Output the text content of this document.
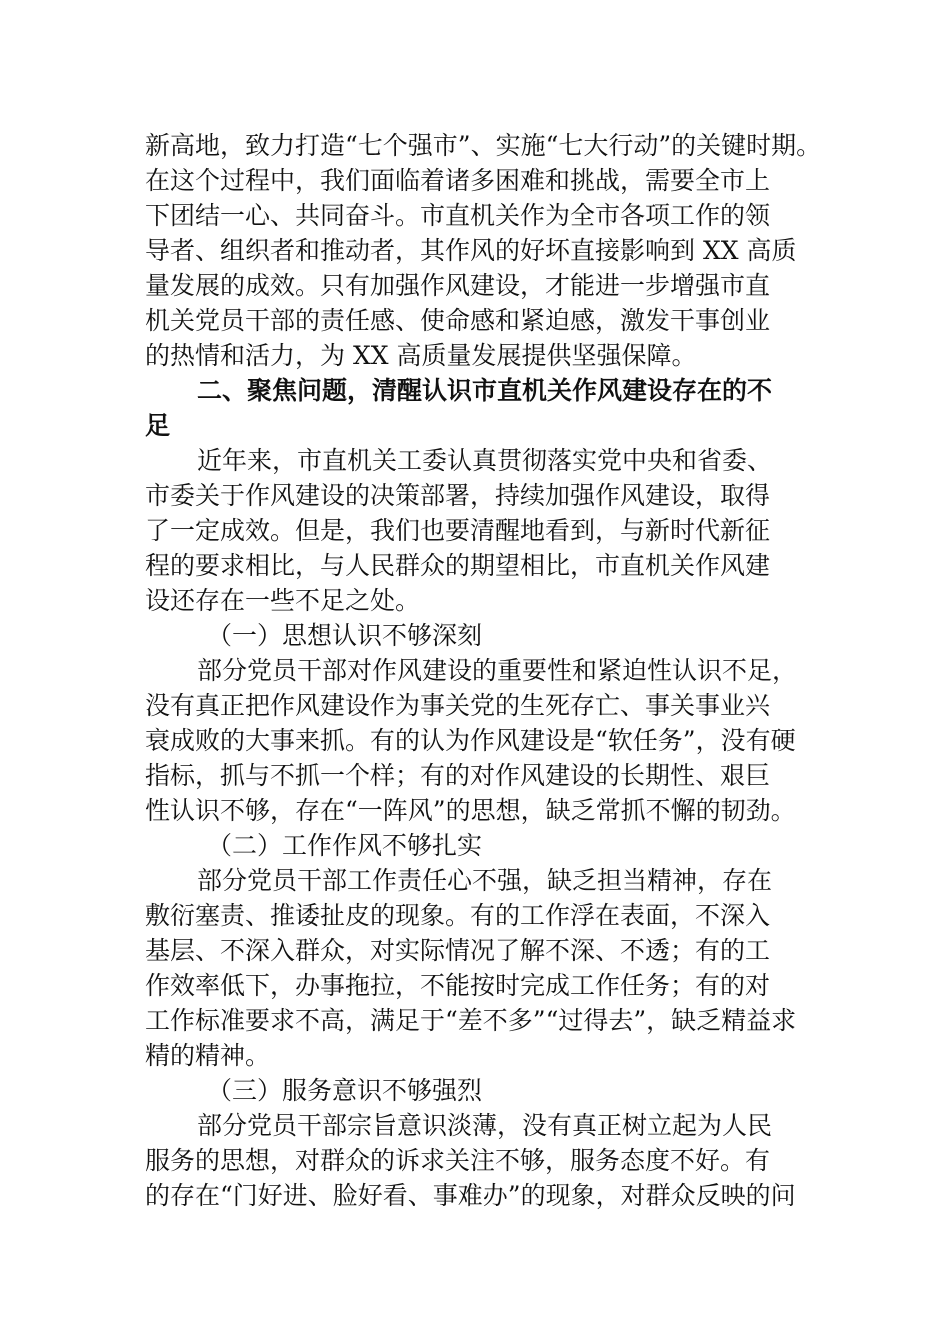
新高地，致力打造“七个强市”、实施“七大行动”的关键时期。
在这个过程中，我们面临着诸多困难和挑战，需要全市上
下团结一心、共同奋斗。市直机关作为全市各项工作的领
导者、组织者和推动者，其作风的好坏直接影响到 XX 高质
量发展的成效。只有加强作风建设，才能进一步增强市直
机关党员干部的责任感、使命感和紧迫感，激发干事创业
的热情和活力，为 XX 高质量发展提供坚强保障。
二、聚焦问题，清醒认识市直机关作风建设存在的不
足
近年来，市直机关工委认真贯彻落实党中央和省委、
市委关于作风建设的决策部署，持续加强作风建设，取得
了一定成效。但是，我们也要清醒地看到，与新时代新征
程的要求相比，与人民群众的期望相比，市直机关作风建
设还存在一些不足之处。
（一）思想认识不够深刻
部分党员干部对作风建设的重要性和紧迫性认识不足，
没有真正把作风建设作为事关党的生死存亡、事关事业兴
衰成败的大事来抓。有的认为作风建设是“软任务”，没有硬
指标，抓与不抓一个样；有的对作风建设的长期性、艰巨
性认识不够，存在“一阵风”的思想，缺乏常抓不懈的韧劲。
（二）工作作风不够扎实
部分党员干部工作责任心不强，缺乏担当精神，存在
敷衍塞责、推诿扯皮的现象。有的工作浮在表面，不深入
基层、不深入群众，对实际情况了解不深、不透；有的工
作效率低下，办事拖拉，不能按时完成工作任务；有的对
工作标准要求不高，满足于“差不多”“过得去”，缺乏精益求
精的精神。
（三）服务意识不够强烈
部分党员干部宗旨意识淡薄，没有真正树立起为人民
服务的思想，对群众的诉求关注不够，服务态度不好。有
的存在“门好进、脸好看、事难办”的现象，对群众反映的问
